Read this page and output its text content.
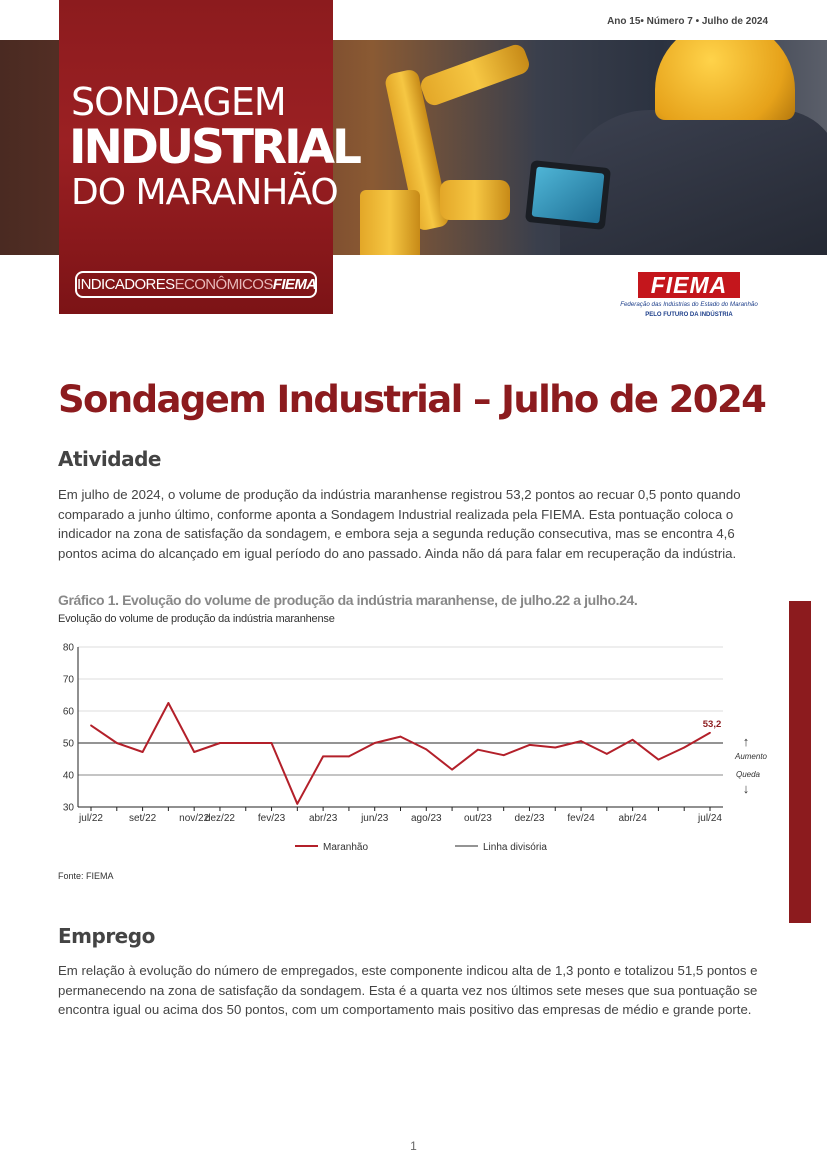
Ano 15• Número 7 • Julho de 2024
SONDAGEM
INDUSTRIAL
DO MARANHÃO
INDICADORESECONÔMICOSFIEMA	FIEMA
Federação das Indústrias do Estado do Maranhão
PELO FUTURO DA INDÚSTRIA
Sondagem Industrial – Julho de 2024
Atividade

Em julho de 2024, o volume de produção da indústria maranhense registrou 53,2 pontos ao recuar 0,5 ponto quando comparado a junho último, conforme aponta a Sondagem Industrial realizada pela FIEMA. Esta pontuação coloca o indicador na zona de satisfação da sondagem, e embora seja a segunda redução consecutiva, mas se encontra 4,6 pontos acima do alcançado em igual período do ano passado. Ainda não dá para falar em recuperação da indústria.

Gráfico 1. Evolução do volume de produção da indústria maranhense, de julho.22 a julho.24.
Evolução do volume de produção da indústria maranhense
30
40
50
60
70
80
jul/22	set/22 nov/22
dez/22 fev/23 abr/23 jun/23 ago/23 out/23 dez/23 fev/24 abr/24	jul/24
53,2
↑
Aumento
Queda
↓
Maranhão	Linha divisória
Fonte: FIEMA
Emprego

Em relação à evolução do número de empregados, este componente indicou alta de 1,3 ponto e totalizou 51,5 pontos e permanecendo na zona de satisfação da sondagem. Esta é a quarta vez nos últimos sete meses que sua pontuação se encontra igual ou acima dos 50 pontos, com um comportamento mais positivo das empresas de médio e grande porte.

1
